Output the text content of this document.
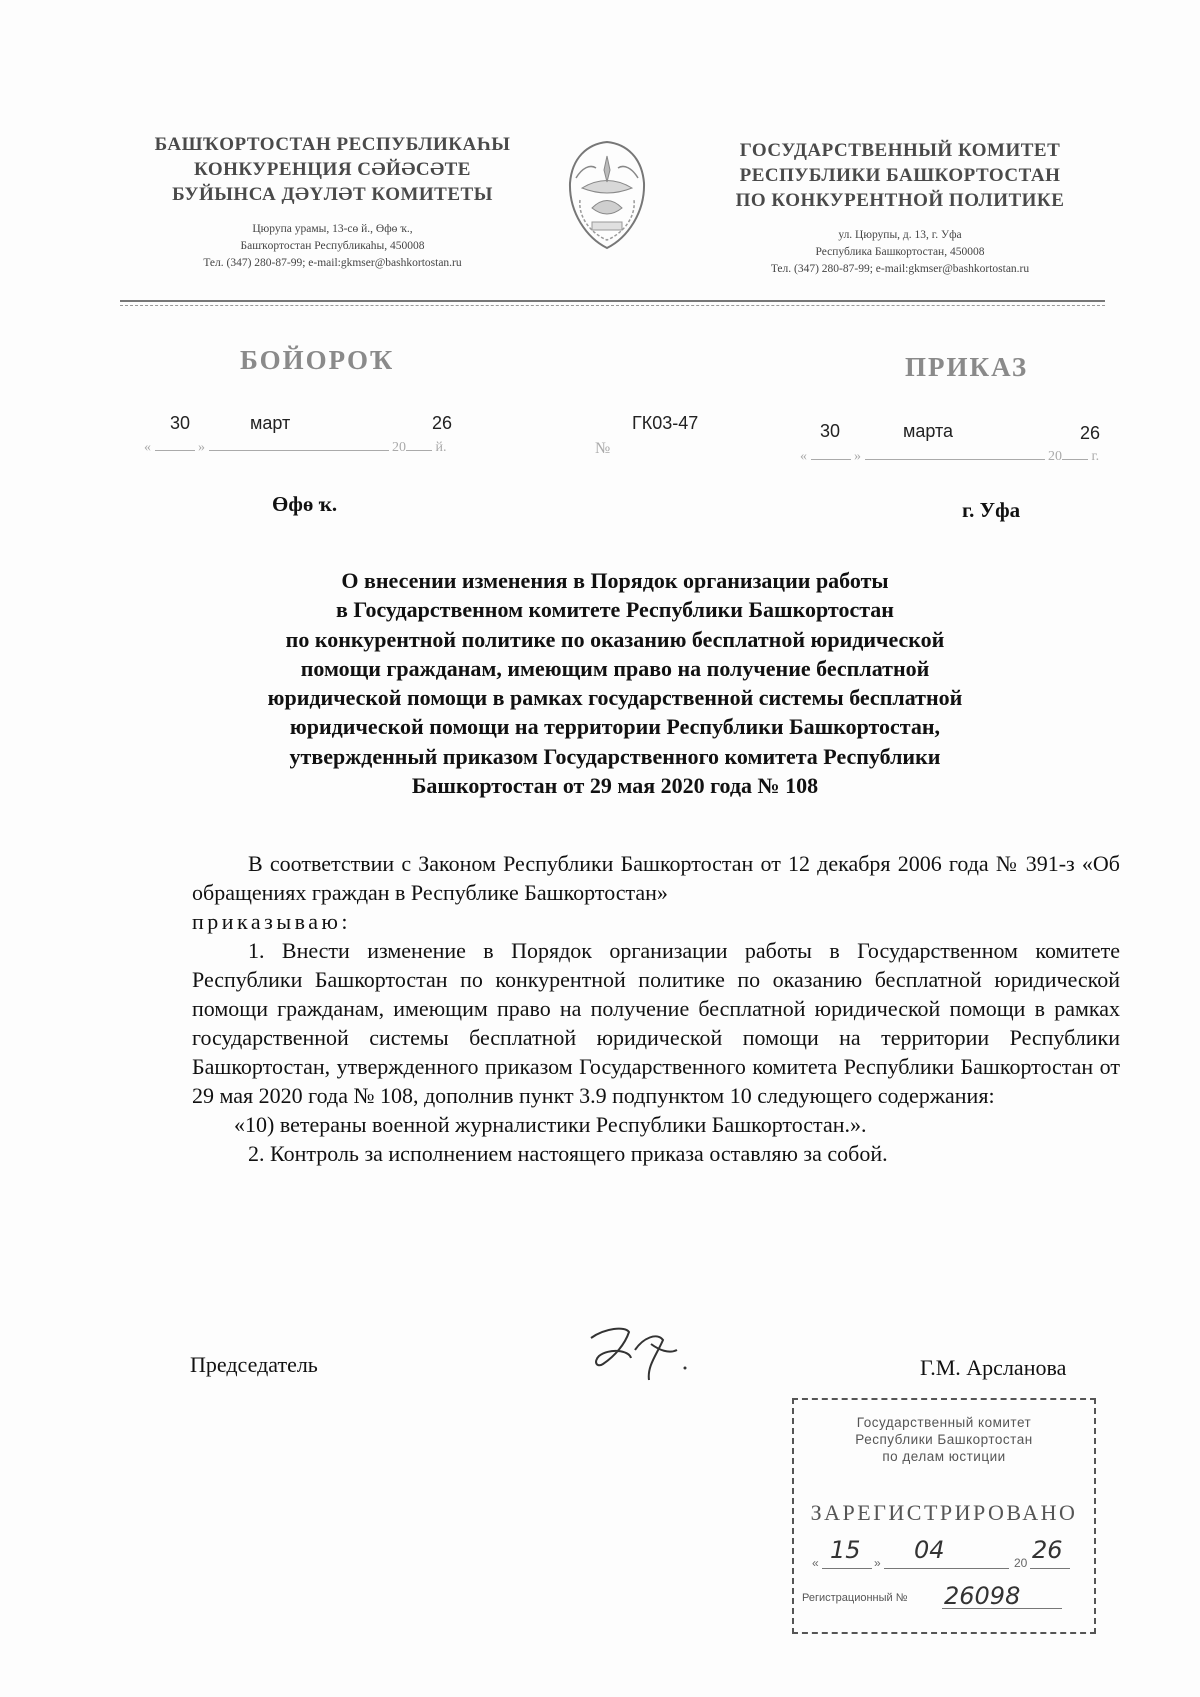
БАШҠОРТОСТАН РЕСПУБЛИКАҺЫ
КОНКУРЕНЦИЯ СӘЙӘСӘТЕ
БУЙЫНСА ДӘҮЛӘТ КОМИТЕТЫ
Цюрупа урамы, 13-сө й., Өфө ҡ.,
Башҡортостан Республикаһы, 450008
Тел. (347) 280-87-99; e-mail:gkmser@bashkortostan.ru
ГОСУДАРСТВЕННЫЙ КОМИТЕТ
РЕСПУБЛИКИ БАШКОРТОСТАН
ПО КОНКУРЕНТНОЙ ПОЛИТИКЕ
ул. Цюрупы, д. 13, г. Уфа
Республика Башкортостан, 450008
Тел. (347) 280-87-99; e-mail:gkmser@bashkortostan.ru
БОЙОРОҠ	ПРИКАЗ
30	март	26
«	»	20 й.
ГК03-47
№
30	марта	26
«	»	20 г.
Өфө ҡ.	г. Уфа
О внесении изменения в Порядок организации работы
в Государственном комитете Республики Башкортостан
по конкурентной политике по оказанию бесплатной юридической
помощи гражданам, имеющим право на получение бесплатной
юридической помощи в рамках государственной системы бесплатной
юридической помощи на территории Республики Башкортостан,
утвержденный приказом Государственного комитета Республики
Башкортостан от 29 мая 2020 года № 108

В соответствии с Законом Республики Башкортостан от 12 декабря 2006 года № 391-з «Об обращениях граждан в Республике Башкортостан»

приказываю:

1. Внести изменение в Порядок организации работы в Государственном комитете Республики Башкортостан по конкурентной политике по оказанию бесплатной юридической помощи гражданам, имеющим право на получение бесплатной юридической помощи в рамках государственной системы бесплатной юридической помощи на территории Республики Башкортостан, утвержденного приказом Государственного комитета Республики Башкортостан от 29 мая 2020 года № 108, дополнив пункт 3.9 подпунктом 10 следующего содержания:

«10) ветераны военной журналистики Республики Башкортостан.».

2. Контроль за исполнением настоящего приказа оставляю за собой.

Председатель	Г.М. Арсланова
Государственный комитет
Республики Башкортостан
по делам юстиции
ЗАРЕГИСТРИРОВАНО
«	»	20
15 04	26
Регистрационный № 26098
